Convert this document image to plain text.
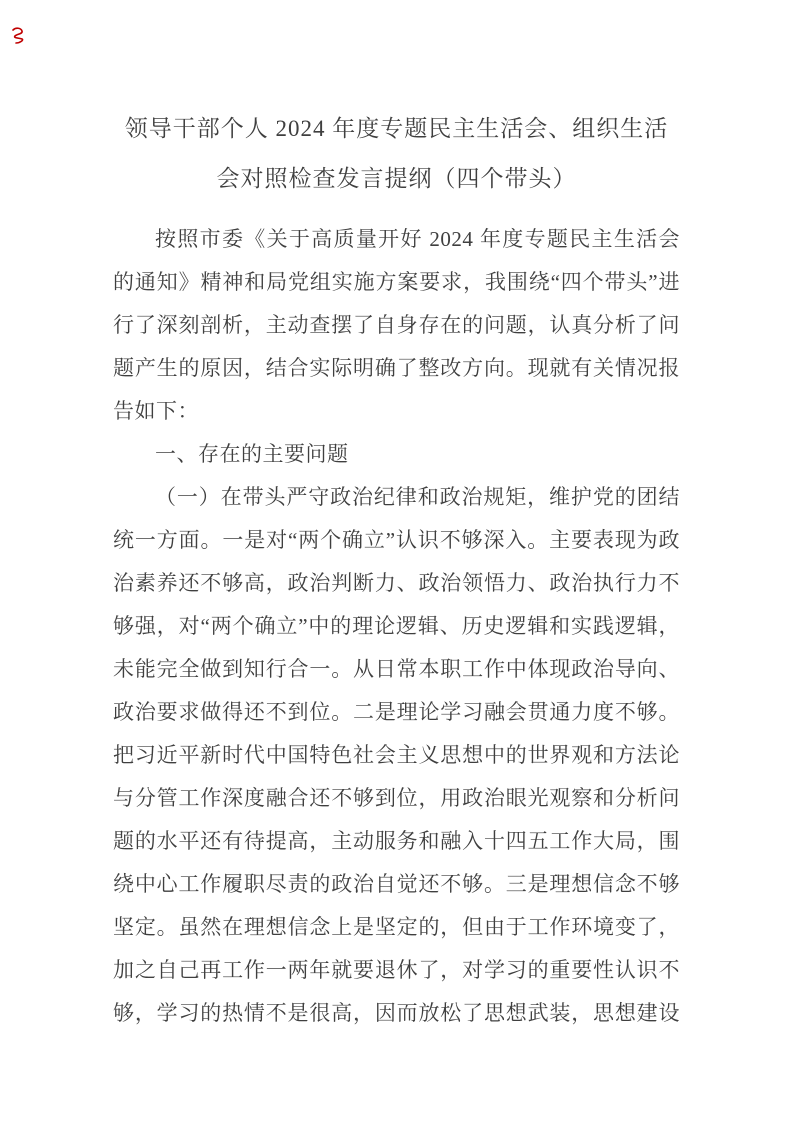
领导干部个人 2024 年度专题民主生活会、组织生活会对照检查发言提纲（四个带头）

按照市委《关于高质量开好 2024 年度专题民主生活会的通知》精神和局党组实施方案要求，我围绕“四个带头”进行了深刻剖析，主动查摆了自身存在的问题，认真分析了问题产生的原因，结合实际明确了整改方向。现就有关情况报告如下：

一、存在的主要问题

（一）在带头严守政治纪律和政治规矩，维护党的团结统一方面。一是对“两个确立”认识不够深入。主要表现为政治素养还不够高，政治判断力、政治领悟力、政治执行力不够强，对“两个确立”中的理论逻辑、历史逻辑和实践逻辑，未能完全做到知行合一。从日常本职工作中体现政治导向、政治要求做得还不到位。二是理论学习融会贯通力度不够。把习近平新时代中国特色社会主义思想中的世界观和方法论与分管工作深度融合还不够到位，用政治眼光观察和分析问题的水平还有待提高，主动服务和融入十四五工作大局，围绕中心工作履职尽责的政治自觉还不够。三是理想信念不够坚定。虽然在理想信念上是坚定的，但由于工作环境变了，加之自己再工作一两年就要退休了，对学习的重要性认识不够，学习的热情不是很高，因而放松了思想武装，思想建设
